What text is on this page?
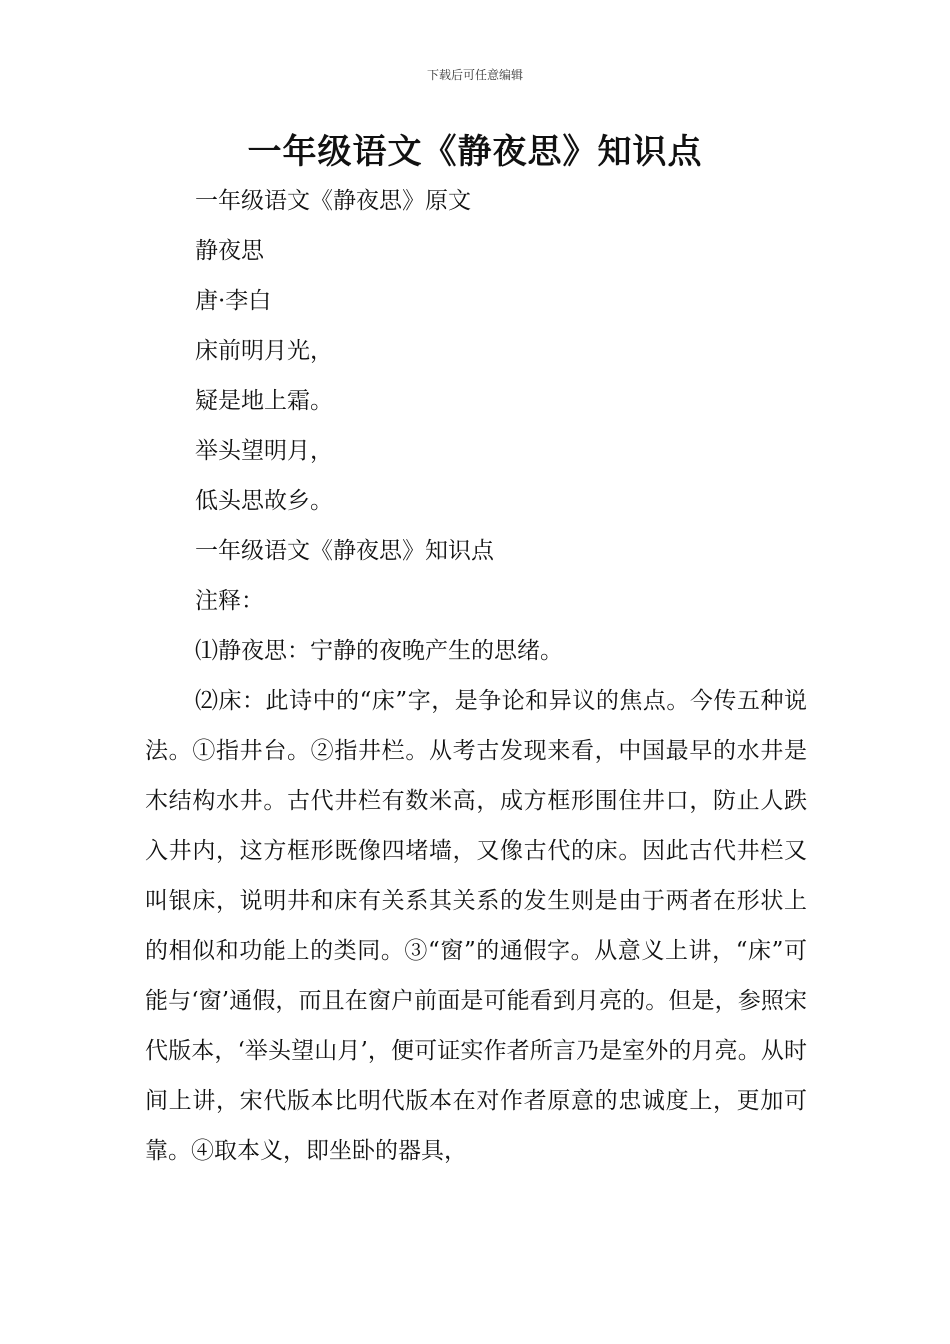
下载后可任意编辑
一年级语文《静夜思》知识点
一年级语文《静夜思》原文
静夜思
唐·李白
床前明月光，
疑是地上霜。
举头望明月，
低头思故乡。
一年级语文《静夜思》知识点
注释：
⑴静夜思：宁静的夜晚产生的思绪。

⑵床：此诗中的“床”字，是争论和异议的焦点。今传五种说法。①指井台。②指井栏。从考古发现来看，中国最早的水井是木结构水井。古代井栏有数米高，成方框形围住井口，防止人跌入井内，这方框形既像四堵墙，又像古代的床。因此古代井栏又叫银床，说明井和床有关系其关系的发生则是由于两者在形状上的相似和功能上的类同。③“窗”的通假字。从意义上讲，“床”可能与‘窗’通假，而且在窗户前面是可能看到月亮的。但是，参照宋代版本，‘举头望山月’，便可证实作者所言乃是室外的月亮。从时间上讲，宋代版本比明代版本在对作者原意的忠诚度上，更加可靠。④取本义，即坐卧的器具，
